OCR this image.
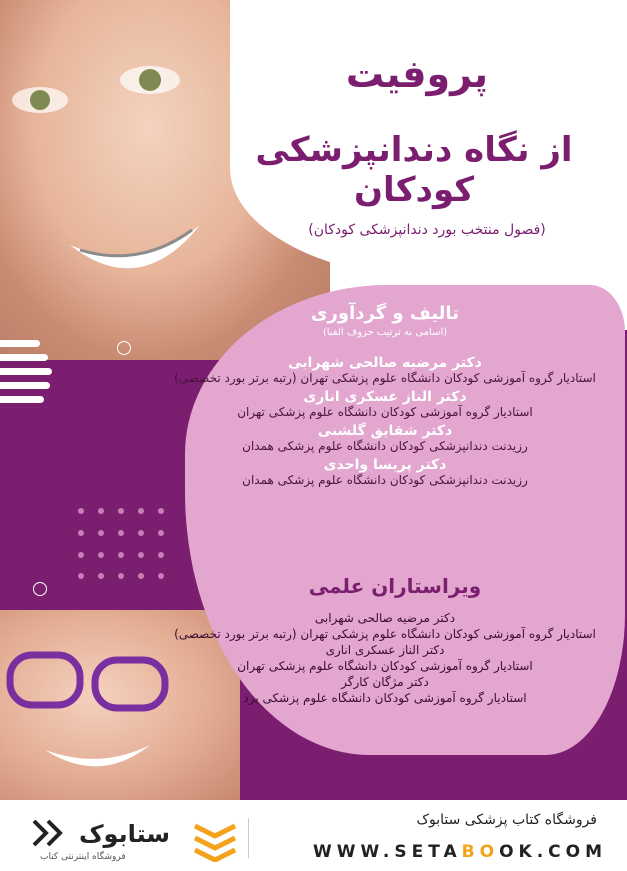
پروفیت
از نگاه دندانپزشکی کودکان
(فصول منتخب بورد دندانپزشکی کودکان)
تالیف و گردآوری
(اسامی به ترتیب حروف الفبا)
دکتر مرضیه صالحی شهرابی
استادیار گروه آموزشی کودکان دانشگاه علوم پزشکی تهران (رتبه برتر بورد تخصصی)
دکتر الناز عسکری اناری
استادیار گروه آموزشی کودکان دانشگاه علوم پزشکی تهران
دکتر شقایق گلشنی
رزیدنت دندانپزشکی کودکان دانشگاه علوم پزشکی همدان
دکتر پریسا واحدی
رزیدنت دندانپزشکی کودکان دانشگاه علوم پزشکی همدان
ویراستاران علمی
دکتر مرضیه صالحی شهرابی
استادیار گروه آموزشی کودکان دانشگاه علوم پزشکی تهران (رتبه برتر بورد تخصصی)
دکتر الناز عسکری اناری
استادیار گروه آموزشی کودکان دانشگاه علوم پزشکی تهران
دکتر مژگان کارگر
استادیار گروه آموزشی کودکان دانشگاه علوم پزشکی یزد
فروشگاه کتاب پزشکی ستابوک
WWW.SETABOOK.COM
ستابوک
فروشگاه اینترنتی کتاب
